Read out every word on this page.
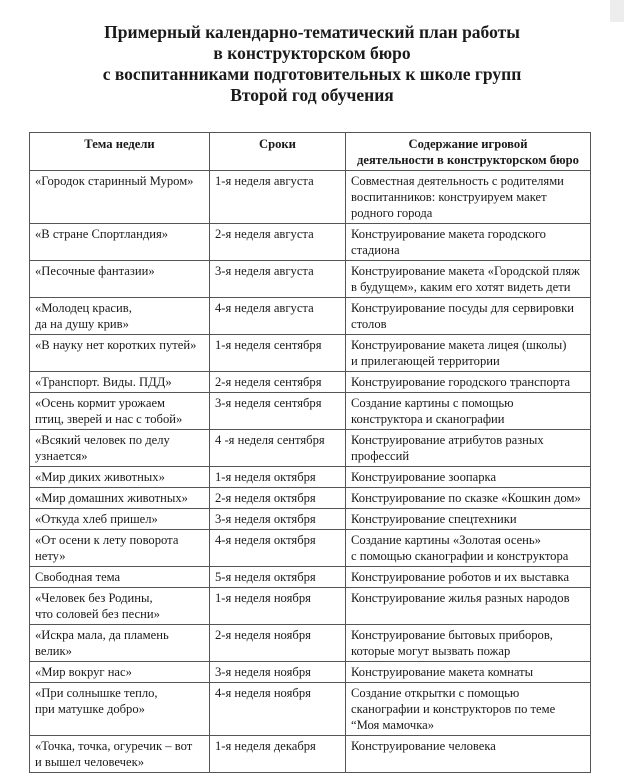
Примерный календарно-тематический план работы
в конструкторском бюро
с воспитанниками подготовительных к школе групп
Второй год обучения
Тема недели	Сроки	Содержание игровой
деятельности в конструкторском бюро

«Городок старинный Муром»	1-я неделя августа	Совместная деятельность с родителями
воспитанников: конструируем макет
родного города

«В стране Спортландия»	2-я неделя августа	Конструирование макета городского
стадиона

«Песочные фантазии»	3-я неделя августа	Конструирование макета «Городской пляж
в будущем», каким его хотят видеть дети

«Молодец красив,
да на душу крив»	4-я неделя августа	Конструирование посуды для сервировки
столов

«В науку нет коротких путей»	1-я неделя сентября	Конструирование макета лицея (школы)
и прилегающей территории

«Транспорт. Виды. ПДД»	2-я неделя сентября	Конструирование городского транспорта

«Осень кормит урожаем
птиц, зверей и нас с тобой»	3-я неделя сентября	Создание картины с помощью
конструктора и сканографии

«Всякий человек по делу
узнается»	4 -я неделя сентября	Конструирование атрибутов разных
профессий

«Мир диких животных»	1-я неделя октября	Конструирование зоопарка

«Мир домашних животных»	2-я неделя октября	Конструирование по сказке «Кошкин дом»

«Откуда хлеб пришел»	3-я неделя октября	Конструирование спецтехники

«От осени к лету поворота
нету»	4-я неделя октября	Создание картины «Золотая осень»
с помощью сканографии и конструктора

Свободная тема	5-я неделя октября	Конструирование роботов и их выставка

«Человек без Родины,
что соловей без песни»	1-я неделя ноября	Конструирование жилья разных народов

«Искра мала, да пламень
велик»	2-я неделя ноября	Конструирование бытовых приборов,
которые могут вызвать пожар

«Мир вокруг нас»	3-я неделя ноября	Конструирование макета комнаты

«При солнышке тепло,
при матушке добро»	4-я неделя ноября	Создание открытки с помощью
сканографии и конструкторов по теме
“Моя мамочка»

«Точка, точка, огуречик – вот
и вышел человечек»	1-я неделя декабря	Конструирование человека
